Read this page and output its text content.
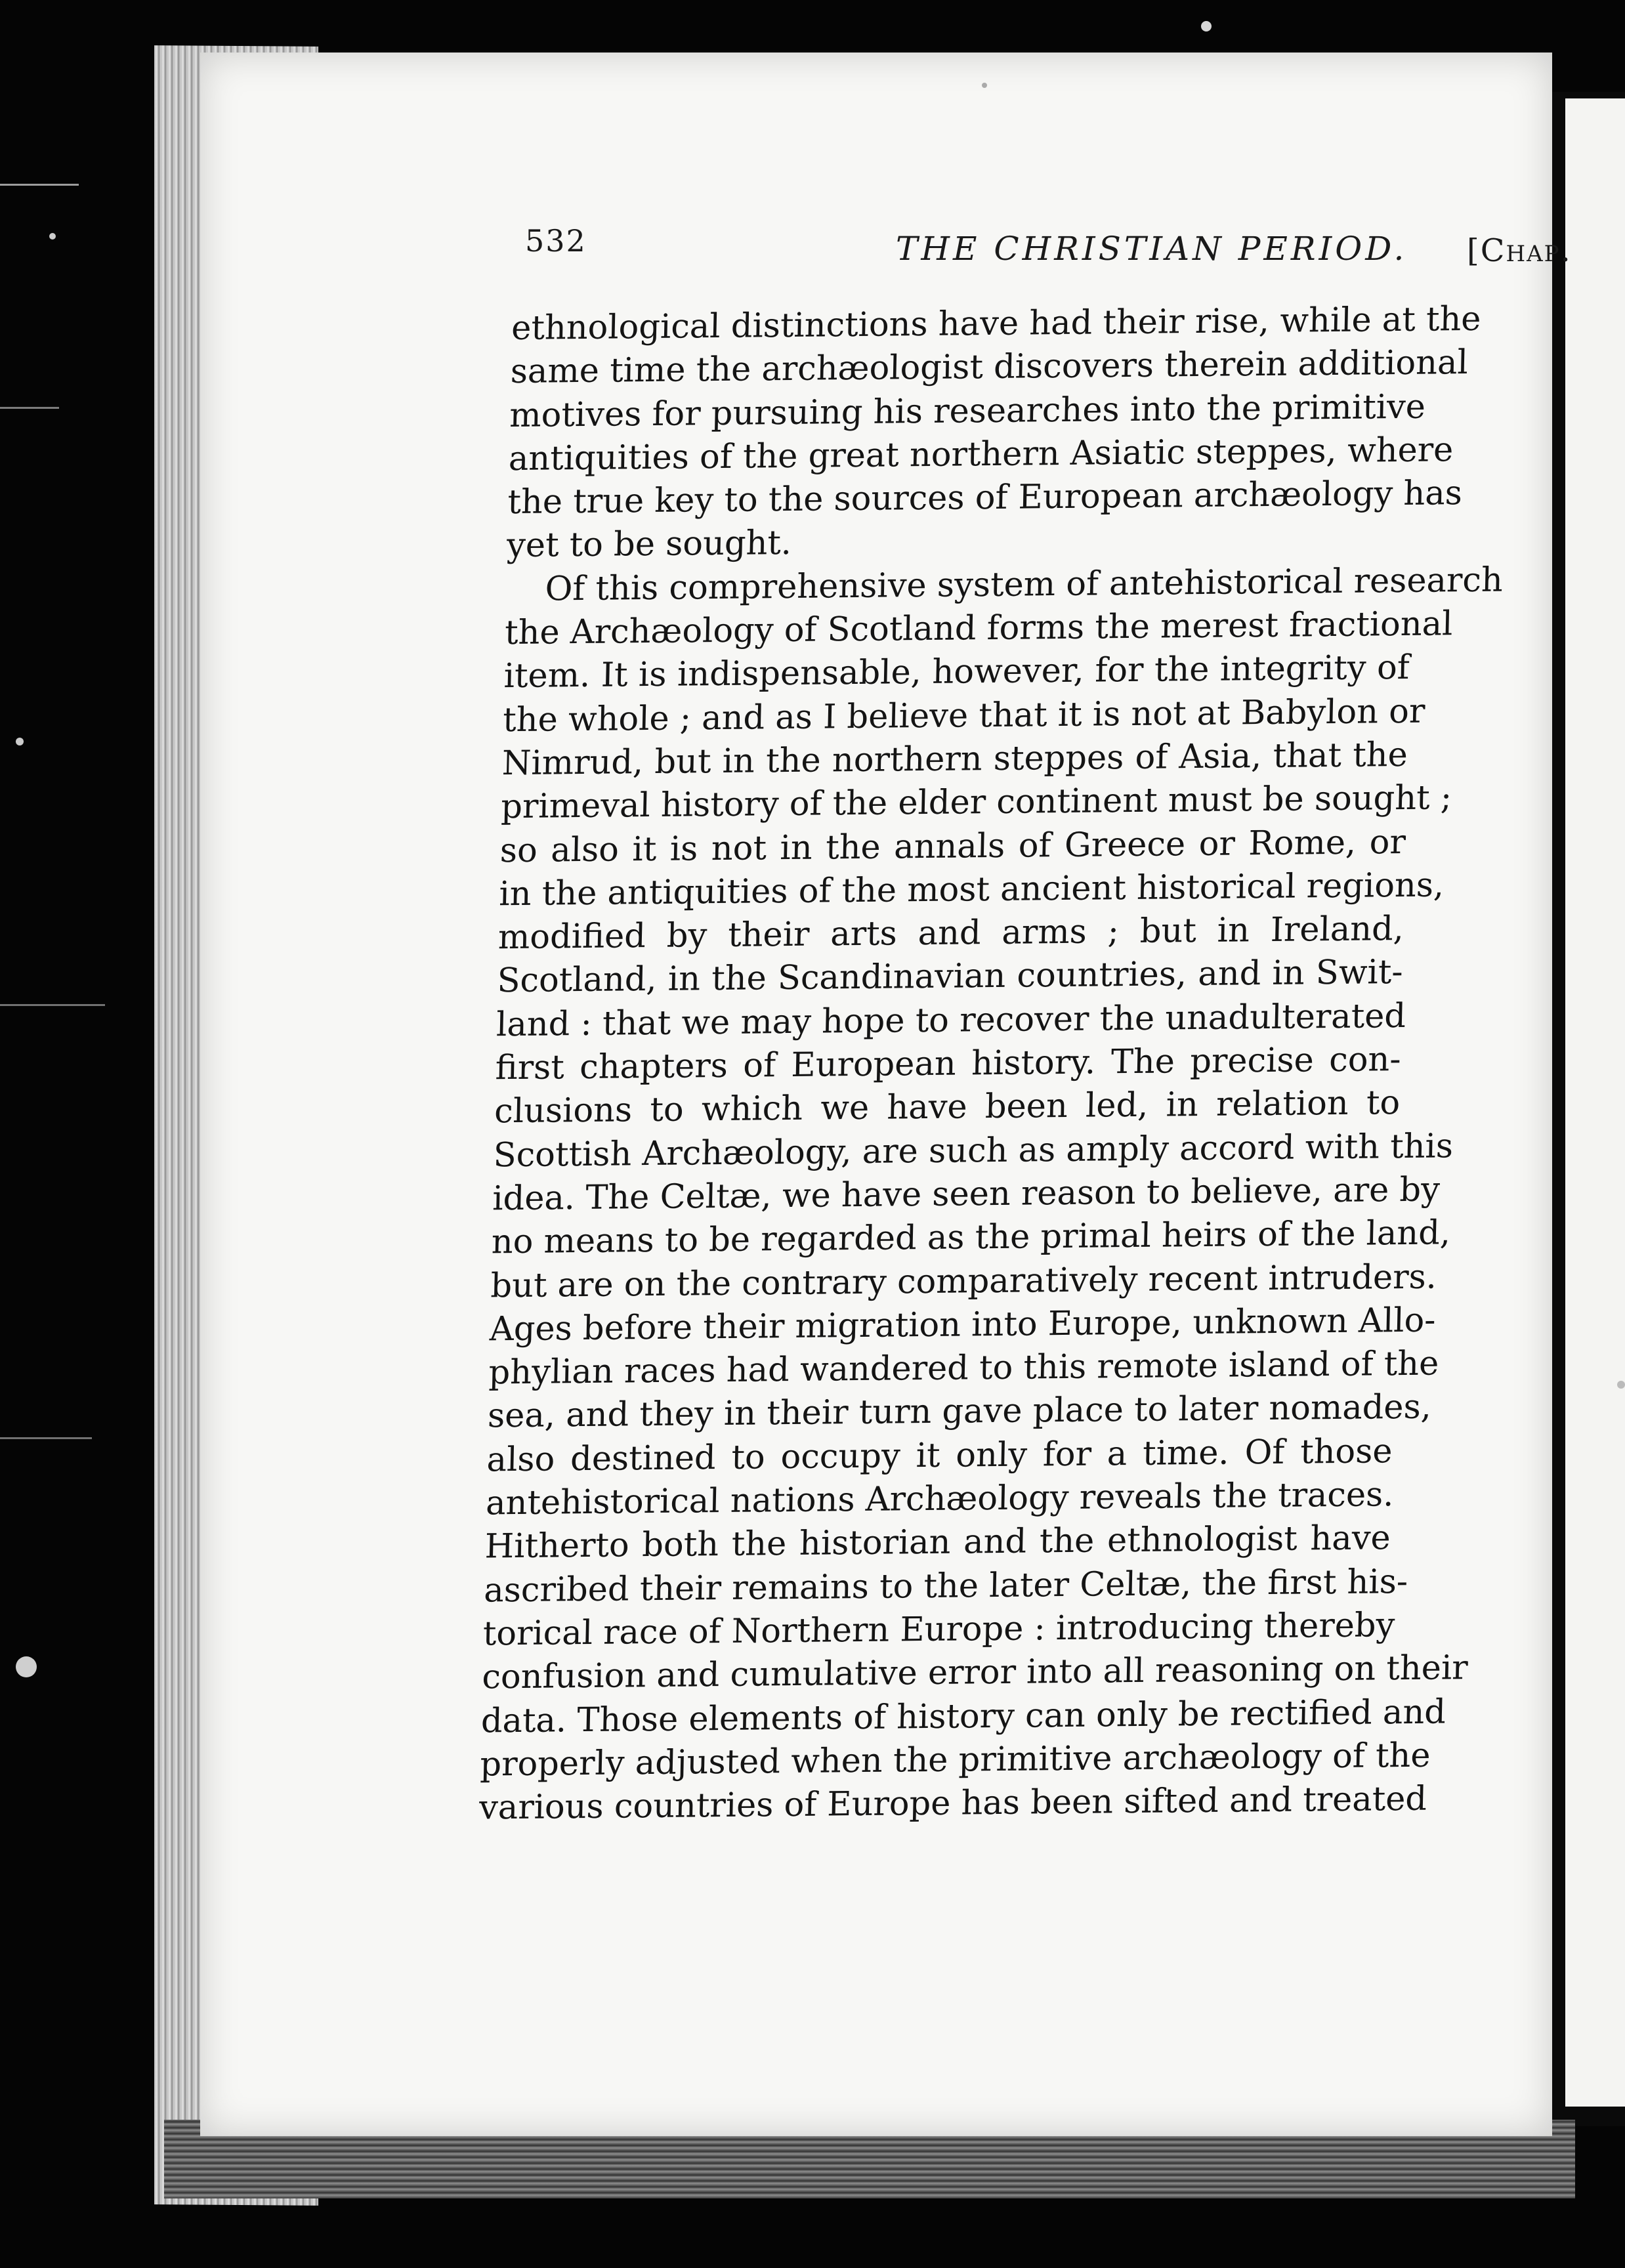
532	THE CHRISTIAN PERIOD. [Chap.
ethnological distinctions have had their rise, while at the
same time the archæologist discovers therein additional
motives for pursuing his researches into the primitive
antiquities of the great northern Asiatic steppes, where
the true key to the sources of European archæology has
yet to be sought.
Of this comprehensive system of antehistorical research
the Archæology of Scotland forms the merest fractional
item. It is indispensable, however, for the integrity of
the whole ; and as I believe that it is not at Babylon or
Nimrud, but in the northern steppes of Asia, that the
primeval history of the elder continent must be sought ;
so also it is not in the annals of Greece or Rome, or
in the antiquities of the most ancient historical regions,
modified by their arts and arms ; but in Ireland,
Scotland, in the Scandinavian countries, and in Swit-
land : that we may hope to recover the unadulterated
first chapters of European history. The precise con-
clusions to which we have been led, in relation to
Scottish Archæology, are such as amply accord with this
idea. The Celtæ, we have seen reason to believe, are by
no means to be regarded as the primal heirs of the land,
but are on the contrary comparatively recent intruders.
Ages before their migration into Europe, unknown Allo-
phylian races had wandered to this remote island of the
sea, and they in their turn gave place to later nomades,
also destined to occupy it only for a time. Of those
antehistorical nations Archæology reveals the traces.
Hitherto both the historian and the ethnologist have
ascribed their remains to the later Celtæ, the first his-
torical race of Northern Europe : introducing thereby
confusion and cumulative error into all reasoning on their
data. Those elements of history can only be rectified and
properly adjusted when the primitive archæology of the
various countries of Europe has been sifted and treated
